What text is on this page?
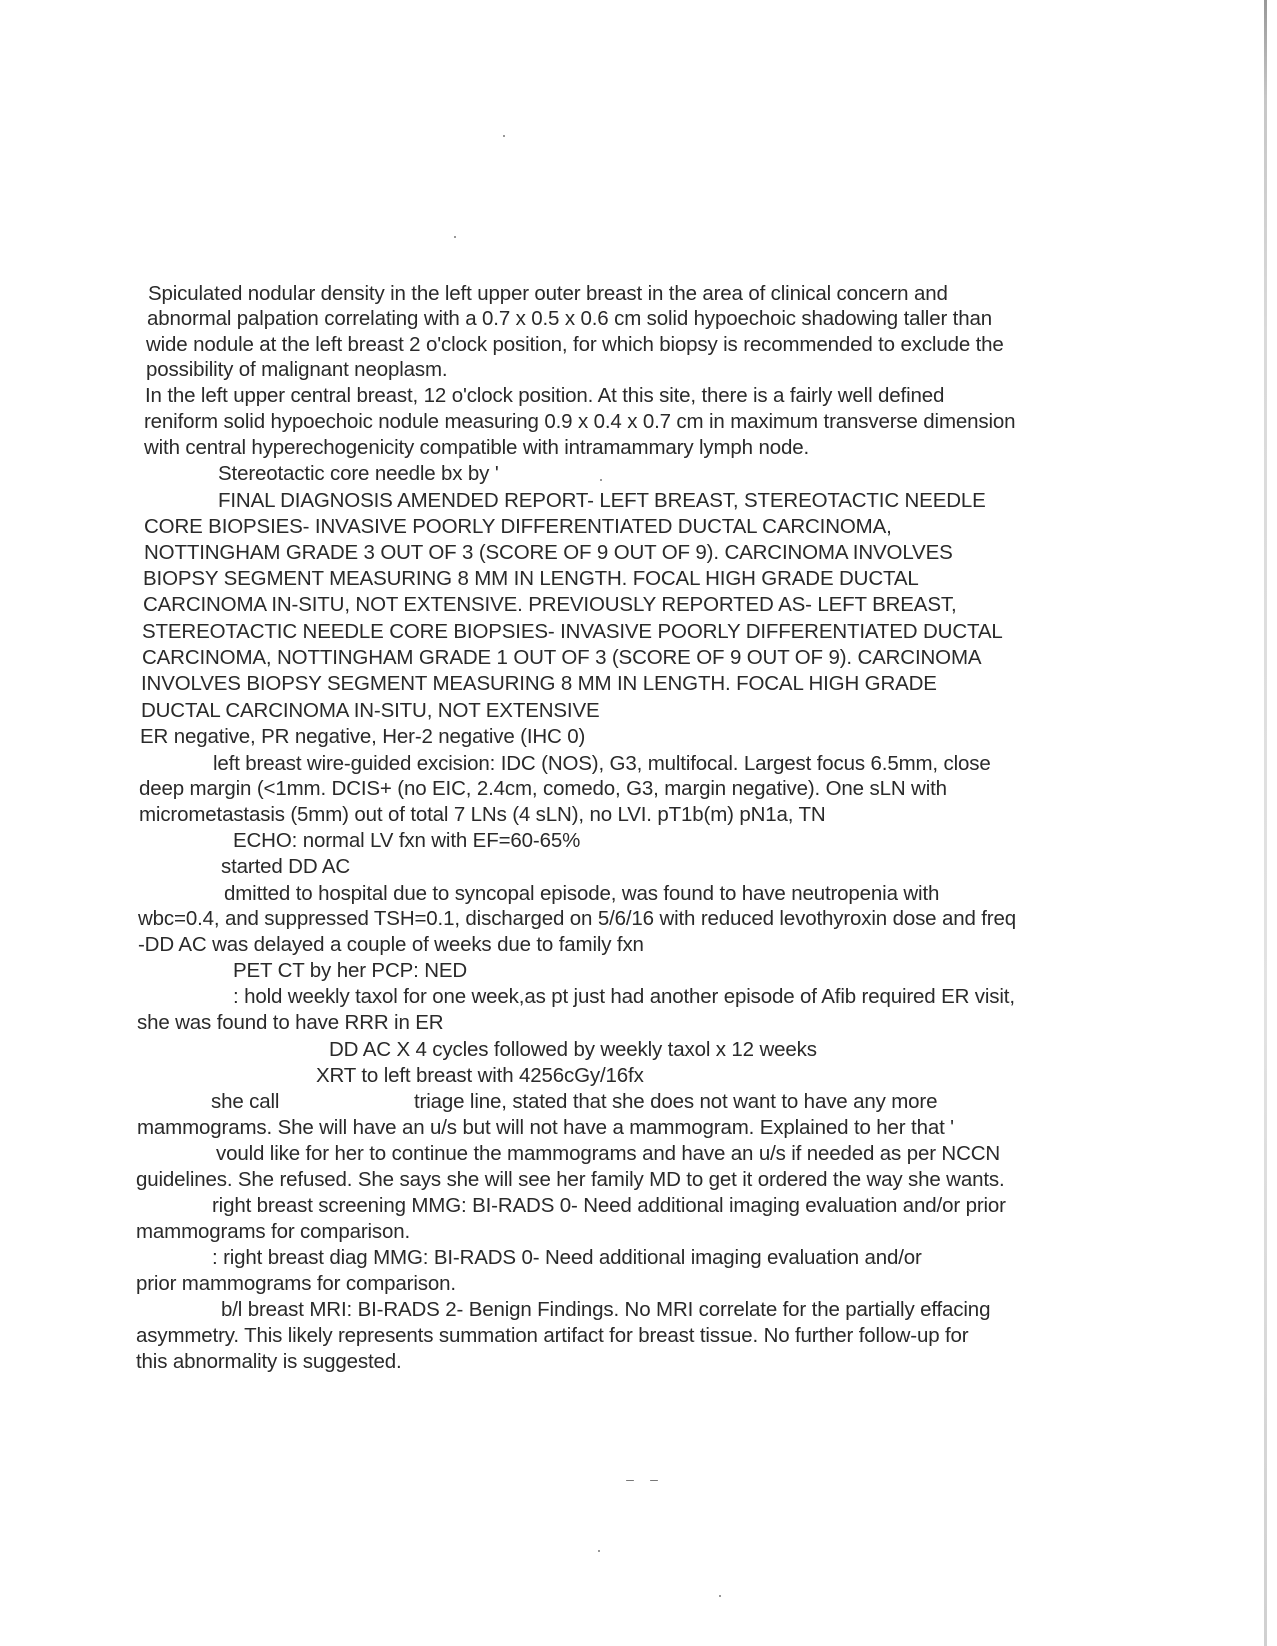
Spiculated nodular density in the left upper outer breast in the area of clinical concern and
abnormal palpation correlating with a 0.7 x 0.5 x 0.6 cm solid hypoechoic shadowing taller than
wide nodule at the left breast 2 o'clock position, for which biopsy is recommended to exclude the
possibility of malignant neoplasm.
In the left upper central breast, 12 o'clock position. At this site, there is a fairly well defined
reniform solid hypoechoic nodule measuring 0.9 x 0.4 x 0.7 cm in maximum transverse dimension
with central hyperechogenicity compatible with intramammary lymph node.
Stereotactic core needle bx by '
FINAL DIAGNOSIS AMENDED REPORT- LEFT BREAST, STEREOTACTIC NEEDLE
CORE BIOPSIES- INVASIVE POORLY DIFFERENTIATED DUCTAL CARCINOMA,
NOTTINGHAM GRADE 3 OUT OF 3 (SCORE OF 9 OUT OF 9). CARCINOMA INVOLVES
BIOPSY SEGMENT MEASURING 8 MM IN LENGTH. FOCAL HIGH GRADE DUCTAL
CARCINOMA IN-SITU, NOT EXTENSIVE. PREVIOUSLY REPORTED AS- LEFT BREAST,
STEREOTACTIC NEEDLE CORE BIOPSIES- INVASIVE POORLY DIFFERENTIATED DUCTAL
CARCINOMA, NOTTINGHAM GRADE 1 OUT OF 3 (SCORE OF 9 OUT OF 9). CARCINOMA
INVOLVES BIOPSY SEGMENT MEASURING 8 MM IN LENGTH. FOCAL HIGH GRADE
DUCTAL CARCINOMA IN-SITU, NOT EXTENSIVE
ER negative, PR negative, Her-2 negative (IHC 0)
left breast wire-guided excision: IDC (NOS), G3, multifocal. Largest focus 6.5mm, close
deep margin (<1mm. DCIS+ (no EIC, 2.4cm, comedo, G3, margin negative). One sLN with
micrometastasis (5mm) out of total 7 LNs (4 sLN), no LVI. pT1b(m) pN1a, TN
ECHO: normal LV fxn with EF=60-65%
started DD AC
dmitted to hospital due to syncopal episode, was found to have neutropenia with
wbc=0.4, and suppressed TSH=0.1, discharged on 5/6/16 with reduced levothyroxin dose and freq
-DD AC was delayed a couple of weeks due to family fxn
PET CT by her PCP: NED
: hold weekly taxol for one week,as pt just had another episode of Afib required ER visit,
she was found to have RRR in ER
DD AC X 4 cycles followed by weekly taxol x 12 weeks
XRT to left breast with 4256cGy/16fx
she call	triage line, stated that she does not want to have any more
mammograms. She will have an u/s but will not have a mammogram. Explained to her that '
vould like for her to continue the mammograms and have an u/s if needed as per NCCN
guidelines. She refused. She says she will see her family MD to get it ordered the way she wants.
right breast screening MMG: BI-RADS 0- Need additional imaging evaluation and/or prior
mammograms for comparison.
: right breast diag MMG: BI-RADS 0- Need additional imaging evaluation and/or
prior mammograms for comparison.
b/l breast MRI: BI-RADS 2- Benign Findings. No MRI correlate for the partially effacing
asymmetry. This likely represents summation artifact for breast tissue. No further follow-up for
this abnormality is suggested.
